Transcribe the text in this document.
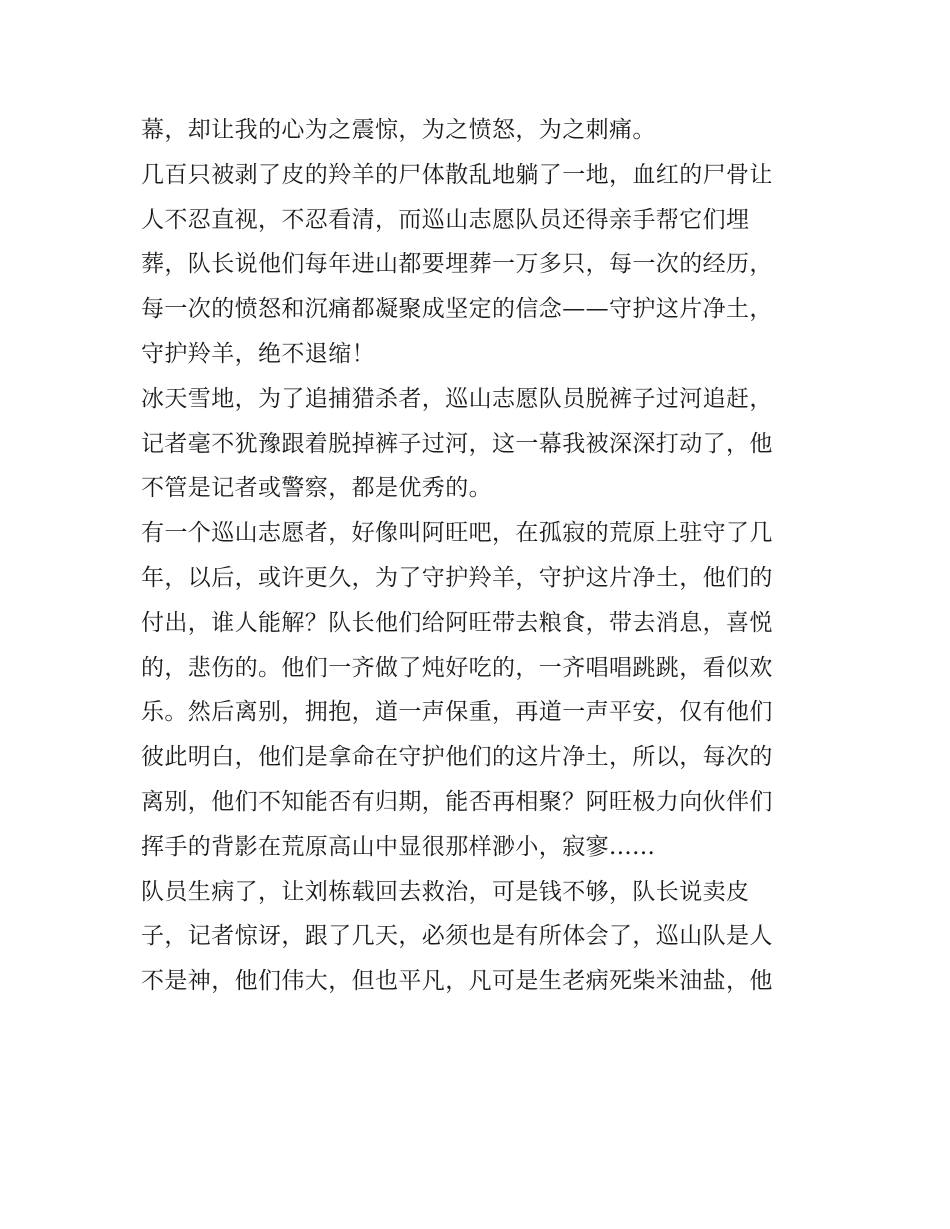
幕，却让我的心为之震惊，为之愤怒，为之刺痛。
几百只被剥了皮的羚羊的尸体散乱地躺了一地，血红的尸骨让
人不忍直视，不忍看清，而巡山志愿队员还得亲手帮它们埋
葬，队长说他们每年进山都要埋葬一万多只，每一次的经历，
每一次的愤怒和沉痛都凝聚成坚定的信念——守护这片净土，
守护羚羊，绝不退缩！
冰天雪地，为了追捕猎杀者，巡山志愿队员脱裤子过河追赶，
记者毫不犹豫跟着脱掉裤子过河，这一幕我被深深打动了，他
不管是记者或警察，都是优秀的。
有一个巡山志愿者，好像叫阿旺吧，在孤寂的荒原上驻守了几
年，以后，或许更久，为了守护羚羊，守护这片净土，他们的
付出，谁人能解？队长他们给阿旺带去粮食，带去消息，喜悦
的，悲伤的。他们一齐做了炖好吃的，一齐唱唱跳跳，看似欢
乐。然后离别，拥抱，道一声保重，再道一声平安，仅有他们
彼此明白，他们是拿命在守护他们的这片净土，所以，每次的
离别，他们不知能否有归期，能否再相聚？阿旺极力向伙伴们
挥手的背影在荒原高山中显很那样渺小，寂寥......
队员生病了，让刘栋载回去救治，可是钱不够，队长说卖皮
子，记者惊讶，跟了几天，必须也是有所体会了，巡山队是人
不是神，他们伟大，但也平凡，凡可是生老病死柴米油盐，他
